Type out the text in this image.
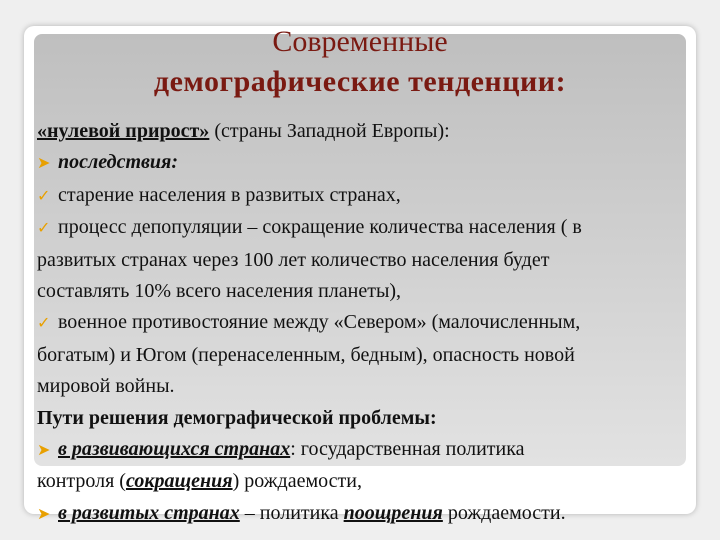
Современные
демографические тенденции:
«нулевой прирост» (страны Западной Европы):
➤ последствия:
✓ старение населения в развитых странах,
✓ процесс депопуляции – сокращение количества населения ( в
развитых странах через 100 лет количество населения будет
составлять 10% всего населения планеты),
✓ военное противостояние между «Севером» (малочисленным,
богатым) и Югом (перенаселенным, бедным), опасность новой
мировой войны.
Пути решения демографической проблемы:
➤ в развивающихся странах: государственная политика
контроля (сокращения) рождаемости,
➤ в развитых странах – политика поощрения рождаемости.
